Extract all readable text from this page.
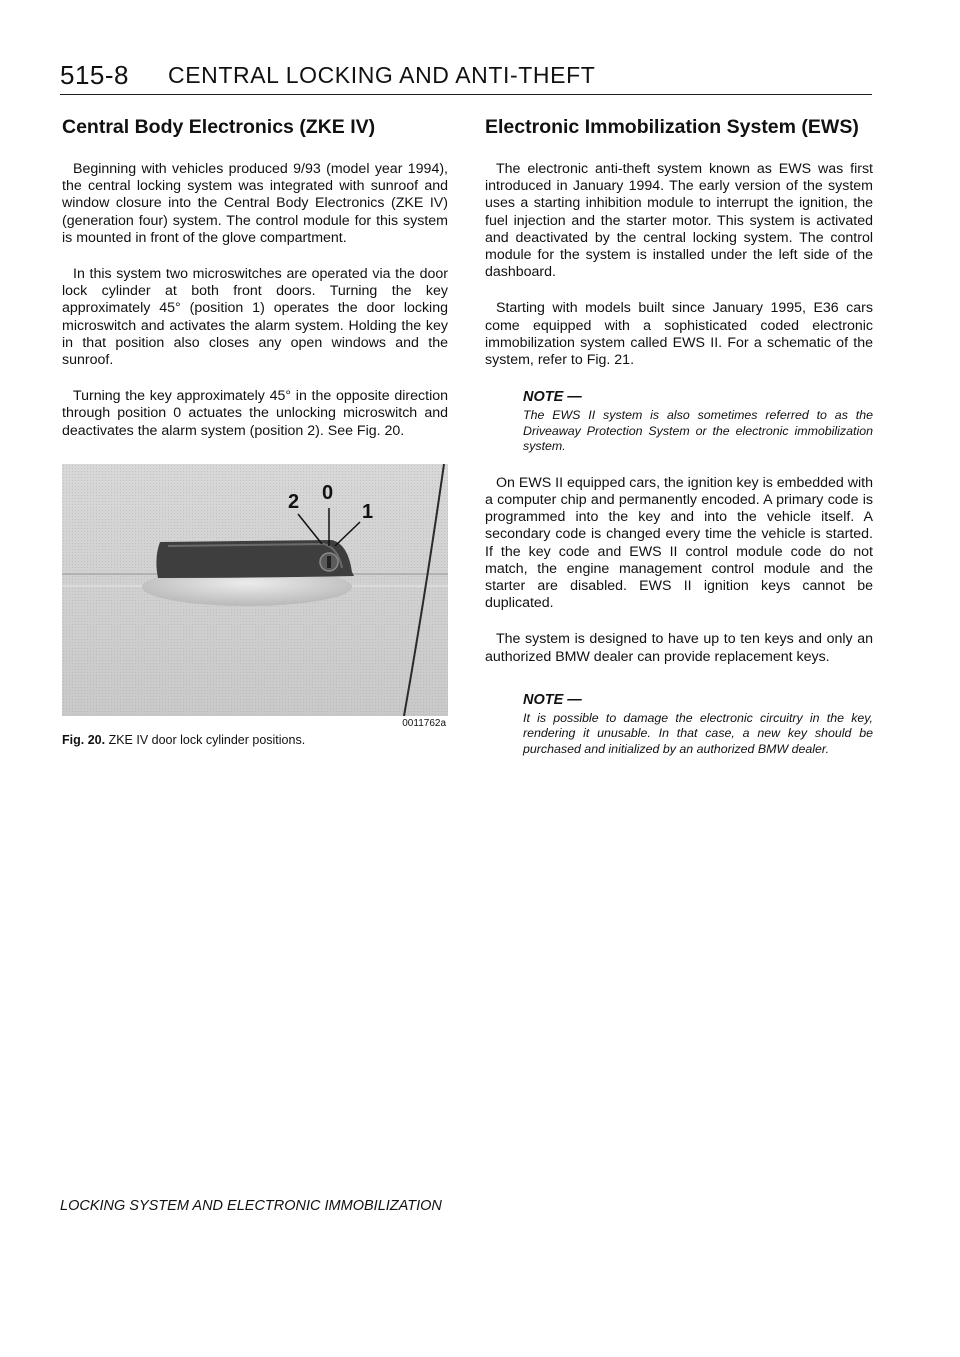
515-8 CENTRAL LOCKING AND ANTI-THEFT
Central Body Electronics (ZKE IV)

Beginning with vehicles produced 9/93 (model year 1994), the central locking system was integrated with sunroof and window closure into the Central Body Electronics (ZKE IV) (generation four) system. The control module for this system is mounted in front of the glove compartment.

In this system two microswitches are operated via the door lock cylinder at both front doors. Turning the key approximately 45° (position 1) operates the door locking microswitch and activates the alarm system. Holding the key in that position also closes any open windows and the sunroof.

Turning the key approximately 45° in the opposite direction through position 0 actuates the unlocking microswitch and deactivates the alarm system (position 2). See Fig. 20.

2 0
1
0011762a
Fig. 20. ZKE IV door lock cylinder positions.
Electronic Immobilization System (EWS)

The electronic anti-theft system known as EWS was first introduced in January 1994. The early version of the system uses a starting inhibition module to interrupt the ignition, the fuel injection and the starter motor. This system is activated and deactivated by the central locking system. The control module for the system is installed under the left side of the dashboard.

Starting with models built since January 1995, E36 cars come equipped with a sophisticated coded electronic immobilization system called EWS II. For a schematic of the system, refer to Fig. 21.

NOTE —

The EWS II system is also sometimes referred to as the Driveaway Protection System or the electronic immobilization system.

On EWS II equipped cars, the ignition key is embedded with a computer chip and permanently encoded. A primary code is programmed into the key and into the vehicle itself. A secondary code is changed every time the vehicle is started. If the key code and EWS II control module code do not match, the engine management control module and the starter are disabled. EWS II ignition keys cannot be duplicated.

The system is designed to have up to ten keys and only an authorized BMW dealer can provide replacement keys.

NOTE —

It is possible to damage the electronic circuitry in the key, rendering it unusable. In that case, a new key should be purchased and initialized by an authorized BMW dealer.

LOCKING SYSTEM AND ELECTRONIC IMMOBILIZATION
